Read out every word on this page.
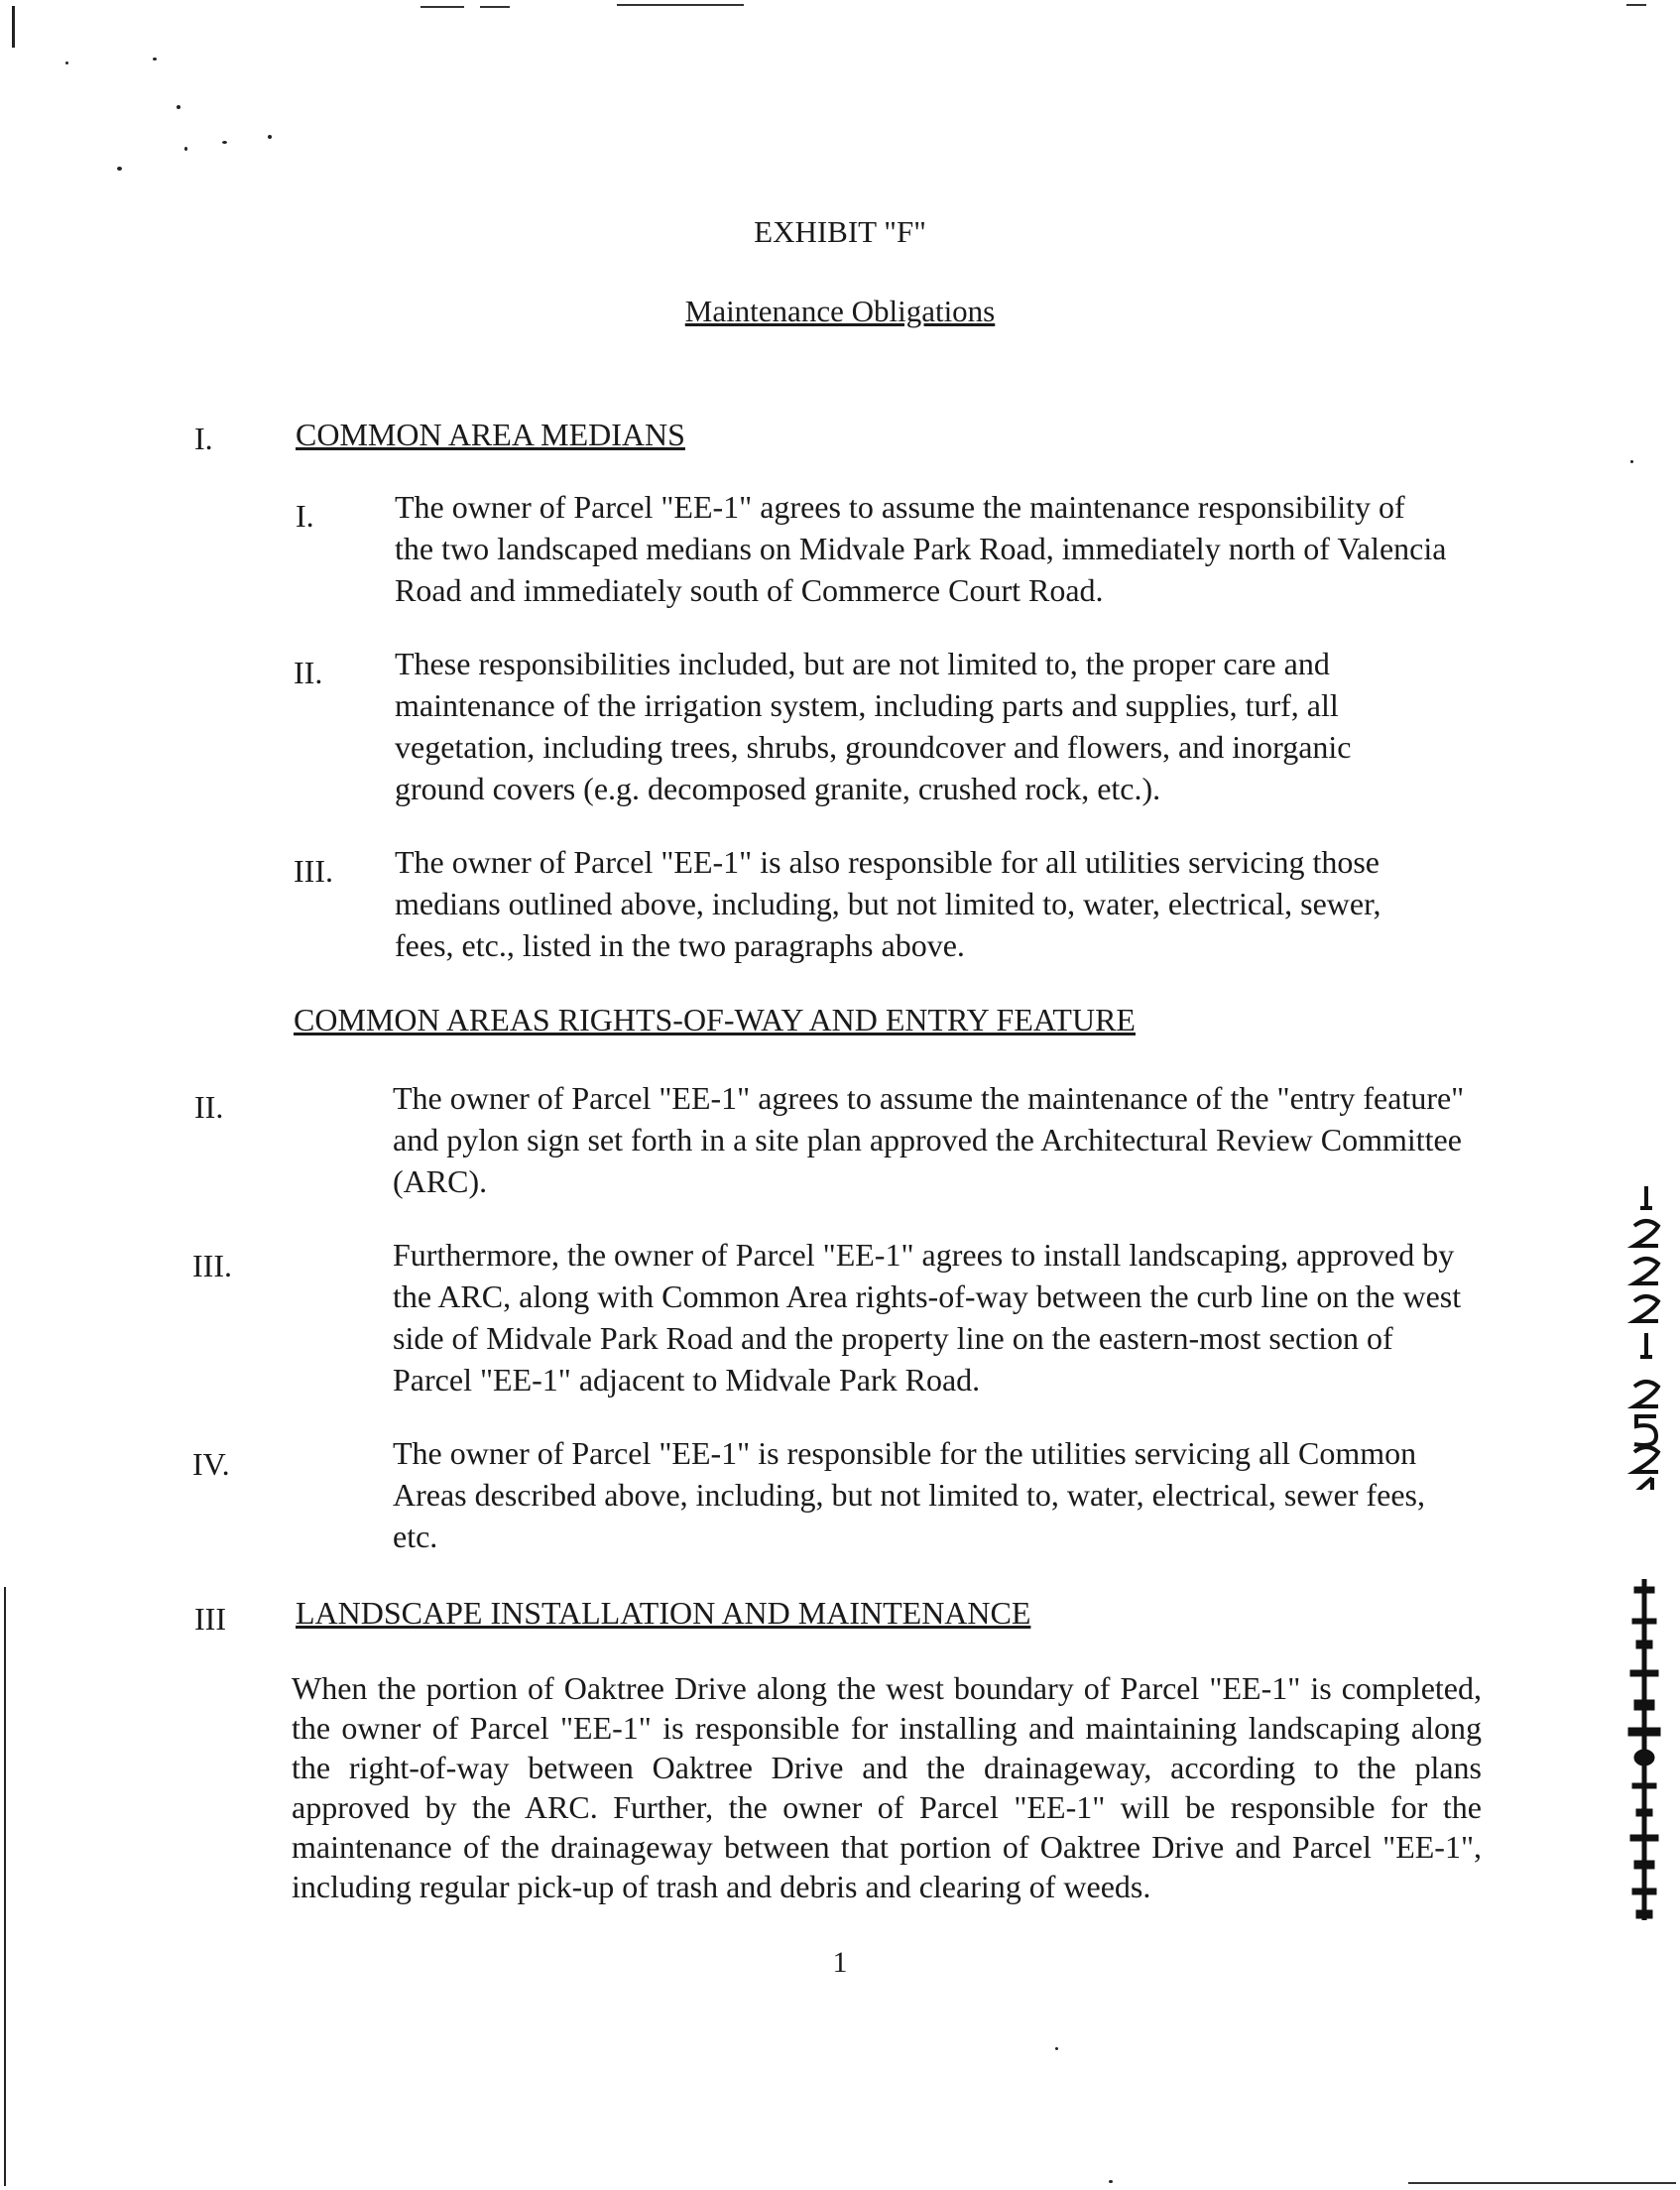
EXHIBIT "F"
Maintenance Obligations
I.	COMMON AREA MEDIANS
I.	The owner of Parcel "EE-1" agrees to assume the maintenance responsibility of the two landscaped medians on Midvale Park Road, immediately north of Valencia Road and immediately south of Commerce Court Road.
II. These responsibilities included, but are not limited to, the proper care and maintenance of the irrigation system, including parts and supplies, turf, all vegetation, including trees, shrubs, groundcover and flowers, and inorganic ground covers (e.g. decomposed granite, crushed rock, etc.).
III. The owner of Parcel "EE-1" is also responsible for all utilities servicing those medians outlined above, including, but not limited to, water, electrical, sewer, fees, etc., listed in the two paragraphs above.
COMMON AREAS RIGHTS-OF-WAY AND ENTRY FEATURE
II.	The owner of Parcel "EE-1" agrees to assume the maintenance of the "entry feature" and pylon sign set forth in a site plan approved the Architectural Review Committee (ARC).
III.	Furthermore, the owner of Parcel "EE-1" agrees to install landscaping, approved by the ARC, along with Common Area rights-of-way between the curb line on the west side of Midvale Park Road and the property line on the eastern-most section of Parcel "EE-1" adjacent to Midvale Park Road.
IV.	The owner of Parcel "EE-1" is responsible for the utilities servicing all Common Areas described above, including, but not limited to, water, electrical, sewer fees, etc.
III LANDSCAPE INSTALLATION AND MAINTENANCE
When the portion of Oaktree Drive along the west boundary of Parcel "EE-1" is completed, the owner of Parcel "EE-1" is responsible for installing and maintaining landscaping along the right-of-way between Oaktree Drive and the drainageway, according to the plans approved by the ARC. Further, the owner of Parcel "EE-1" will be responsible for the maintenance of the drainageway between that portion of Oaktree Drive and Parcel "EE-1", including regular pick-up of trash and debris and clearing of weeds.
1
